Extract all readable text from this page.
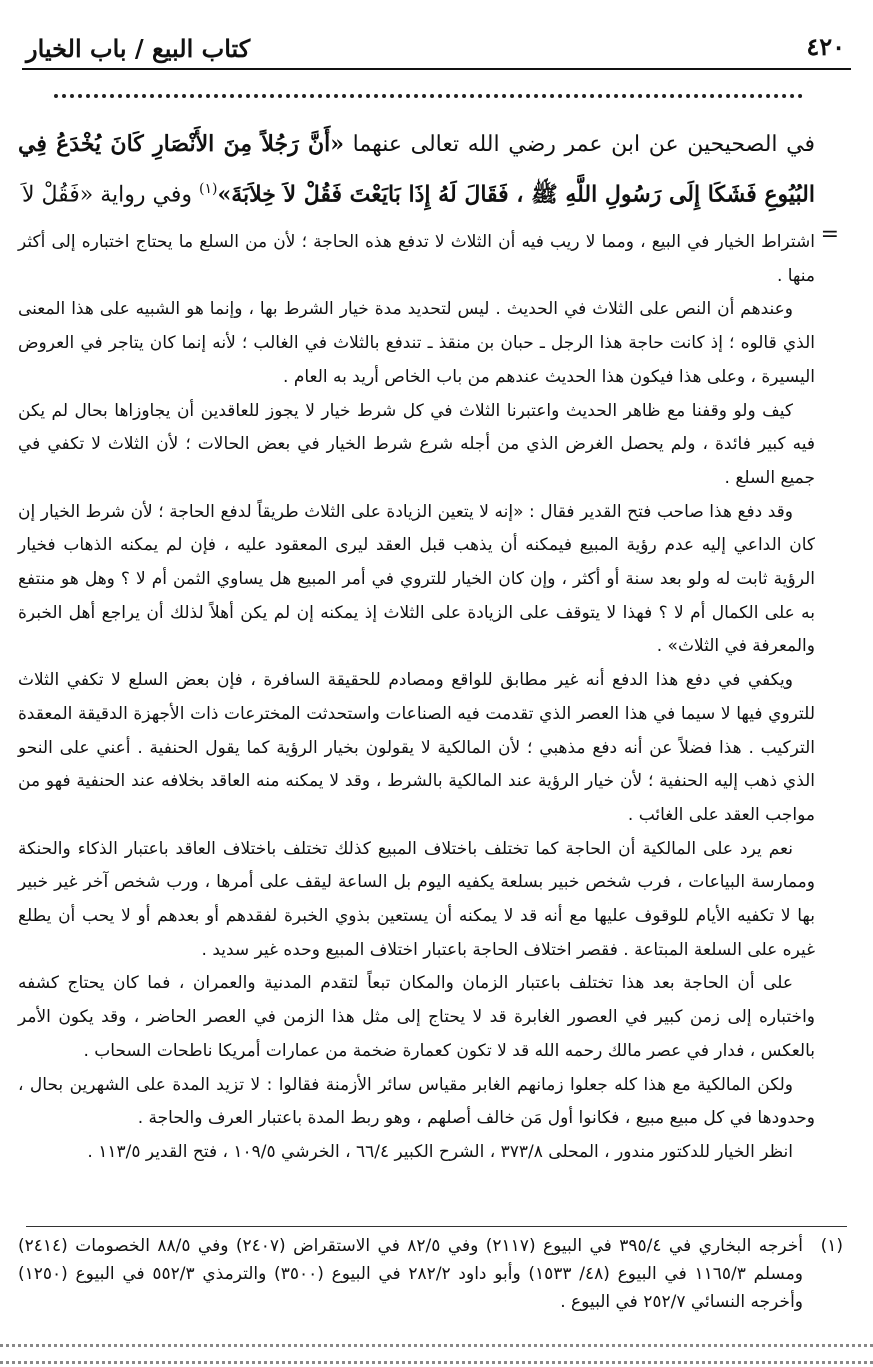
٤٢٠
كتاب البيع / باب الخيار
في الصحيحين عن ابن عمر رضي الله تعالى عنهما «أَنَّ رَجُلاً مِنَ الأَنْصَارِ كَانَ يُخْدَعُ فِي البُيُوعِ فَشَكَا إِلَى رَسُولِ اللَّهِ ﷺ ، فَقَالَ لَهُ إِذَا بَايَعْتَ فَقُلْ لاَ خِلاَبَةَ»$^{(١)}$ وفي رواية «فَقُلْ لاَ
=

اشتراط الخيار في البيع ، ومما لا ريب فيه أن الثلاث لا تدفع هذه الحاجة ؛ لأن من السلع ما يحتاج اختباره إلى أكثر منها .

وعندهم أن النص على الثلاث في الحديث . ليس لتحديد مدة خيار الشرط بها ، وإنما هو الشبيه على هذا المعنى الذي قالوه ؛ إذ كانت حاجة هذا الرجل ـ حبان بن منقذ ـ تندفع بالثلاث في الغالب ؛ لأنه إنما كان يتاجر في العروض اليسيرة ، وعلى هذا فيكون هذا الحديث عندهم من باب الخاص أريد به العام .

كيف ولو وقفنا مع ظاهر الحديث واعتبرنا الثلاث في كل شرط خيار لا يجوز للعاقدين أن يجاوزاها بحال لم يكن فيه كبير فائدة ، ولم يحصل الغرض الذي من أجله شرع شرط الخيار في بعض الحالات ؛ لأن الثلاث لا تكفي في جميع السلع .

وقد دفع هذا صاحب فتح القدير فقال : «إنه لا يتعين الزيادة على الثلاث طريقاً لدفع الحاجة ؛ لأن شرط الخيار إن كان الداعي إليه عدم رؤية المبيع فيمكنه أن يذهب قبل العقد ليرى المعقود عليه ، فإن لم يمكنه الذهاب فخيار الرؤية ثابت له ولو بعد سنة أو أكثر ، وإن كان الخيار للتروي في أمر المبيع هل يساوي الثمن أم لا ؟ وهل هو منتفع به على الكمال أم لا ؟ فهذا لا يتوقف على الزيادة على الثلاث إذ يمكنه إن لم يكن أهلاً لذلك أن يراجع أهل الخبرة والمعرفة في الثلاث» .

ويكفي في دفع هذا الدفع أنه غير مطابق للواقع ومصادم للحقيقة السافرة ، فإن بعض السلع لا تكفي الثلاث للتروي فيها لا سيما في هذا العصر الذي تقدمت فيه الصناعات واستحدثت المخترعات ذات الأجهزة الدقيقة المعقدة التركيب . هذا فضلاً عن أنه دفع مذهبي ؛ لأن المالكية لا يقولون بخيار الرؤية كما يقول الحنفية . أعني على النحو الذي ذهب إليه الحنفية ؛ لأن خيار الرؤية عند المالكية بالشرط ، وقد لا يمكنه منه العاقد بخلافه عند الحنفية فهو من مواجب العقد على الغائب .

نعم يرد على المالكية أن الحاجة كما تختلف باختلاف المبيع كذلك تختلف باختلاف العاقد باعتبار الذكاء والحنكة وممارسة البياعات ، فرب شخص خبير بسلعة يكفيه اليوم بل الساعة ليقف على أمرها ، ورب شخص آخر غير خبير بها لا تكفيه الأيام للوقوف عليها مع أنه قد لا يمكنه أن يستعين بذوي الخبرة لفقدهم أو بعدهم أو لا يحب أن يطلع غيره على السلعة المبتاعة . فقصر اختلاف الحاجة باعتبار اختلاف المبيع وحده غير سديد .

على أن الحاجة بعد هذا تختلف باعتبار الزمان والمكان تبعاً لتقدم المدنية والعمران ، فما كان يحتاج كشفه واختباره إلى زمن كبير في العصور الغابرة قد لا يحتاج إلى مثل هذا الزمن في العصر الحاضر ، وقد يكون الأمر بالعكس ، فدار في عصر مالك رحمه الله قد لا تكون كعمارة ضخمة من عمارات أمريكا ناطحات السحاب .

ولكن المالكية مع هذا كله جعلوا زمانهم الغابر مقياس سائر الأزمنة فقالوا : لا تزيد المدة على الشهرين بحال ، وحدودها في كل مبيع مبيع ، فكانوا أول مَن خالف أصلهم ، وهو ربط المدة باعتبار العرف والحاجة .

انظر الخيار للدكتور مندور ، المحلى ٣٧٣/٨ ، الشرح الكبير ٦٦/٤ ، الخرشي ١٠٩/٥ ، فتح القدير ١١٣/٥ .

(١)
أخرجه البخاري في ٣٩٥/٤ في البيوع (٢١١٧) وفي ٨٢/٥ في الاستقراض (٢٤٠٧) وفي ٨٨/٥ الخصومات (٢٤١٤) ومسلم ١١٦٥/٣ في البيوع (٤٨/ ١٥٣٣) وأبو داود ٢٨٢/٢ في البيوع (٣٥٠٠) والترمذي ٥٥٢/٣ في البيوع (١٢٥٠) وأخرجه النسائي ٢٥٢/٧ في البيوع .
